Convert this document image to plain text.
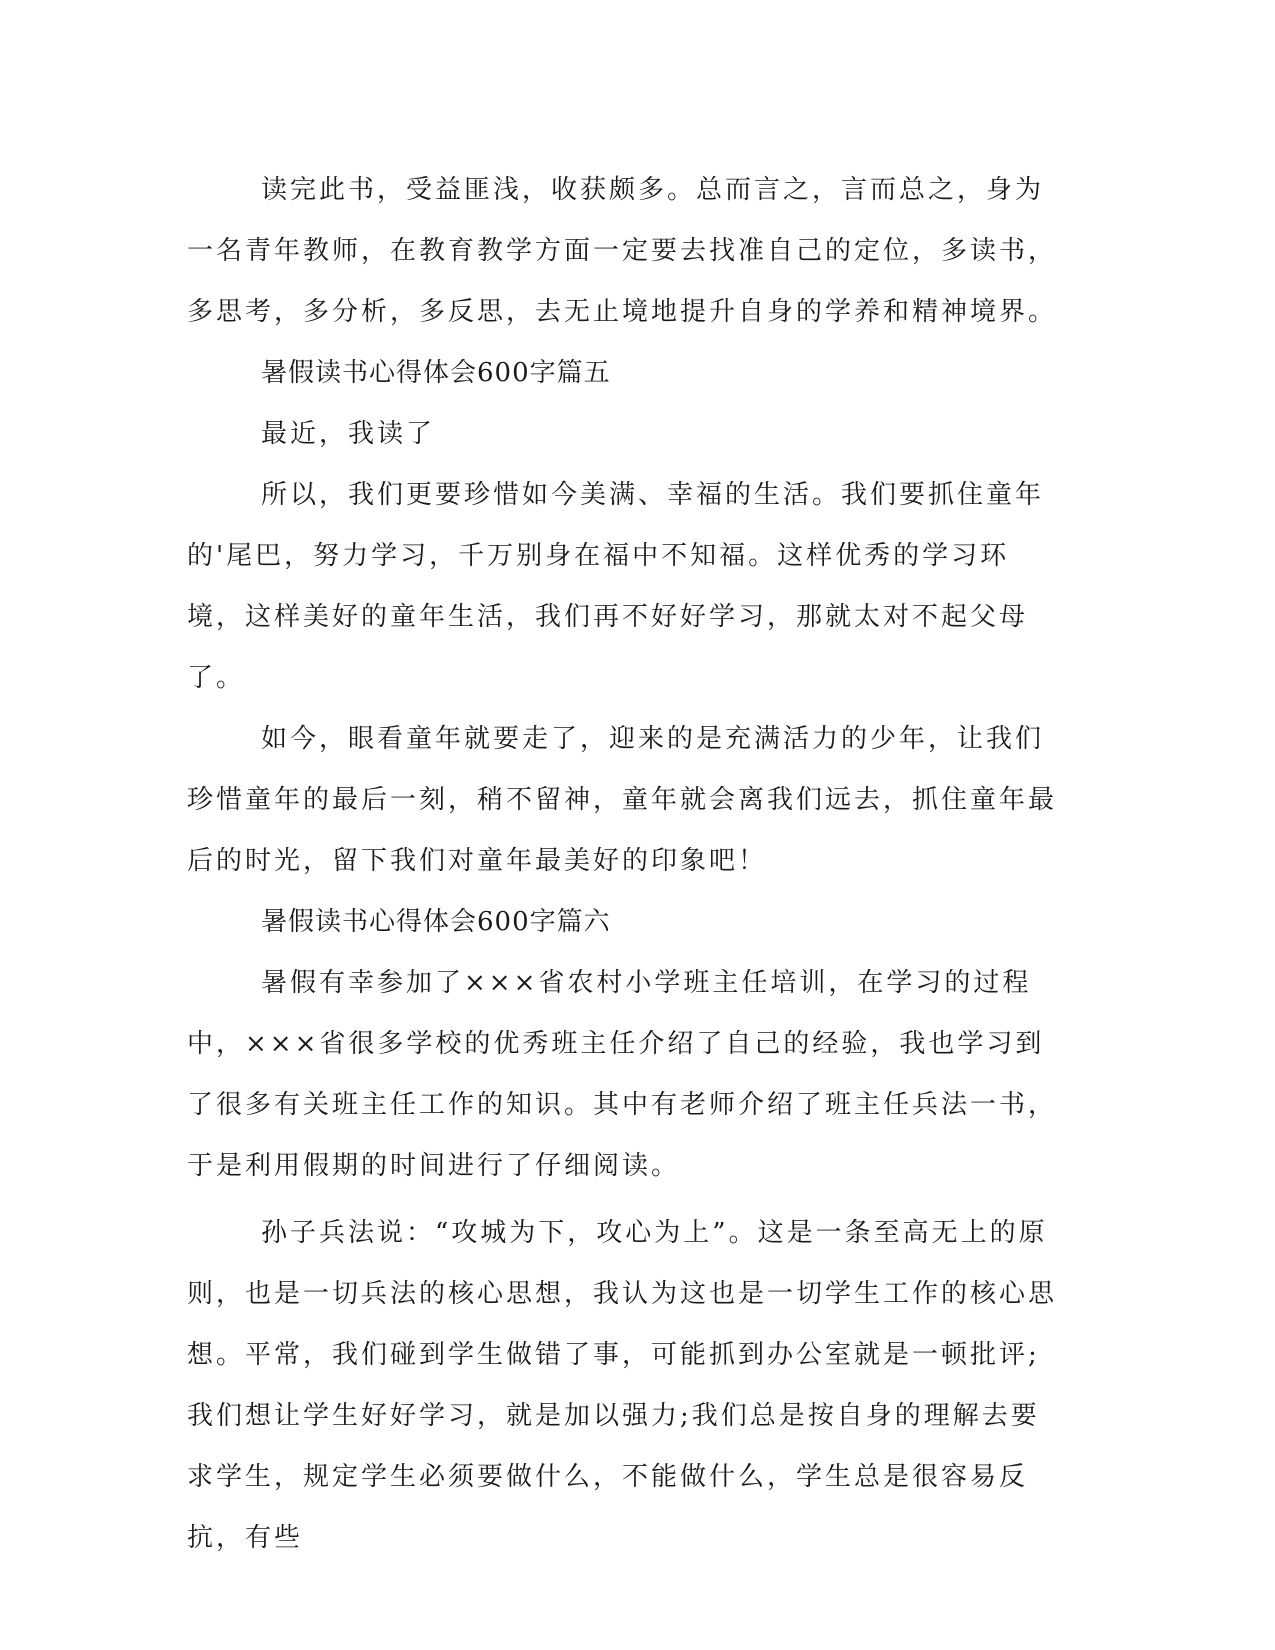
读完此书，受益匪浅，收获颇多。总而言之，言而总之，身为一名青年教师，在教育教学方面一定要去找准自己的定位，多读书，多思考，多分析，多反思，去无止境地提升自身的学养和精神境界。

暑假读书心得体会600字篇五

最近，我读了

所以，我们更要珍惜如今美满、幸福的生活。我们要抓住童年的'尾巴，努力学习，千万别身在福中不知福。这样优秀的学习环境，这样美好的童年生活，我们再不好好学习，那就太对不起父母了。

如今，眼看童年就要走了，迎来的是充满活力的少年，让我们珍惜童年的最后一刻，稍不留神，童年就会离我们远去，抓住童年最后的时光，留下我们对童年最美好的印象吧！

暑假读书心得体会600字篇六

暑假有幸参加了×××省农村小学班主任培训，在学习的过程中，×××省很多学校的优秀班主任介绍了自己的经验，我也学习到了很多有关班主任工作的知识。其中有老师介绍了班主任兵法一书，于是利用假期的时间进行了仔细阅读。

孙子兵法说：“攻城为下，攻心为上”。这是一条至高无上的原则，也是一切兵法的核心思想，我认为这也是一切学生工作的核心思想。平常，我们碰到学生做错了事，可能抓到办公室就是一顿批评;我们想让学生好好学习，就是加以强力;我们总是按自身的理解去要求学生，规定学生必须要做什么，不能做什么，学生总是很容易反抗，有些
